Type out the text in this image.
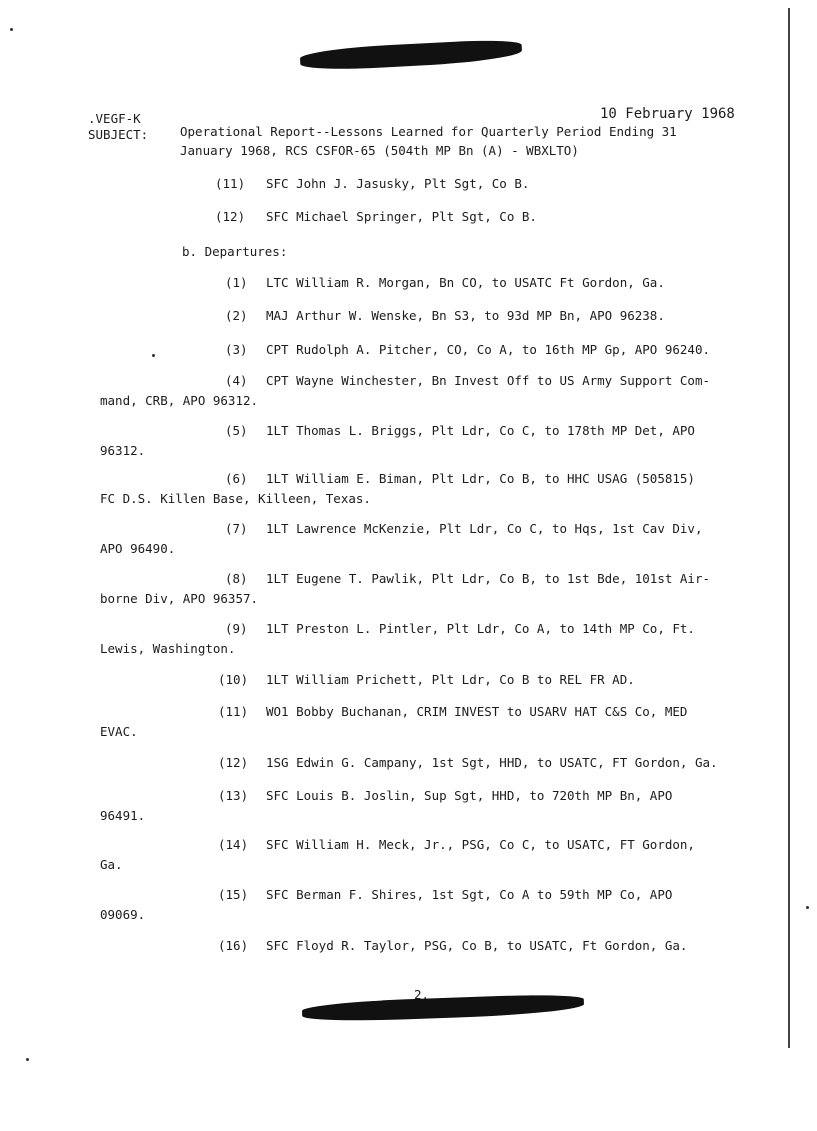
.VEGF-K	10 February 1968
SUBJECT:	Operational Report--Lessons Learned for Quarterly Period Ending 31
January 1968, RCS CSFOR-65 (504th MP Bn (A) - WBXLTO)
(11) SFC John J. Jasusky, Plt Sgt, Co B.
(12) SFC Michael Springer, Plt Sgt, Co B.
b. Departures:
(1) LTC William R. Morgan, Bn CO, to USATC Ft Gordon, Ga.
(2) MAJ Arthur W. Wenske, Bn S3, to 93d MP Bn, APO 96238.
(3) CPT Rudolph A. Pitcher, CO, Co A, to 16th MP Gp, APO 96240.
(4) CPT Wayne Winchester, Bn Invest Off to US Army Support Com-
mand, CRB, APO 96312.
(5) 1LT Thomas L. Briggs, Plt Ldr, Co C, to 178th MP Det, APO
96312.
(6) 1LT William E. Biman, Plt Ldr, Co B, to HHC USAG (505815)
FC D.S. Killen Base, Killeen, Texas.
(7) 1LT Lawrence McKenzie, Plt Ldr, Co C, to Hqs, 1st Cav Div,
APO 96490.
(8) 1LT Eugene T. Pawlik, Plt Ldr, Co B, to 1st Bde, 101st Air-
borne Div, APO 96357.
(9) 1LT Preston L. Pintler, Plt Ldr, Co A, to 14th MP Co, Ft.
Lewis, Washington.
(10) 1LT William Prichett, Plt Ldr, Co B to REL FR AD.
(11) WO1 Bobby Buchanan, CRIM INVEST to USARV HAT C&S Co, MED
EVAC.
(12) 1SG Edwin G. Campany, 1st Sgt, HHD, to USATC, FT Gordon, Ga.
(13) SFC Louis B. Joslin, Sup Sgt, HHD, to 720th MP Bn, APO
96491.
(14) SFC William H. Meck, Jr., PSG, Co C, to USATC, FT Gordon,
Ga.
(15) SFC Berman F. Shires, 1st Sgt, Co A to 59th MP Co, APO
09069.
(16) SFC Floyd R. Taylor, PSG, Co B, to USATC, Ft Gordon, Ga.
2.
